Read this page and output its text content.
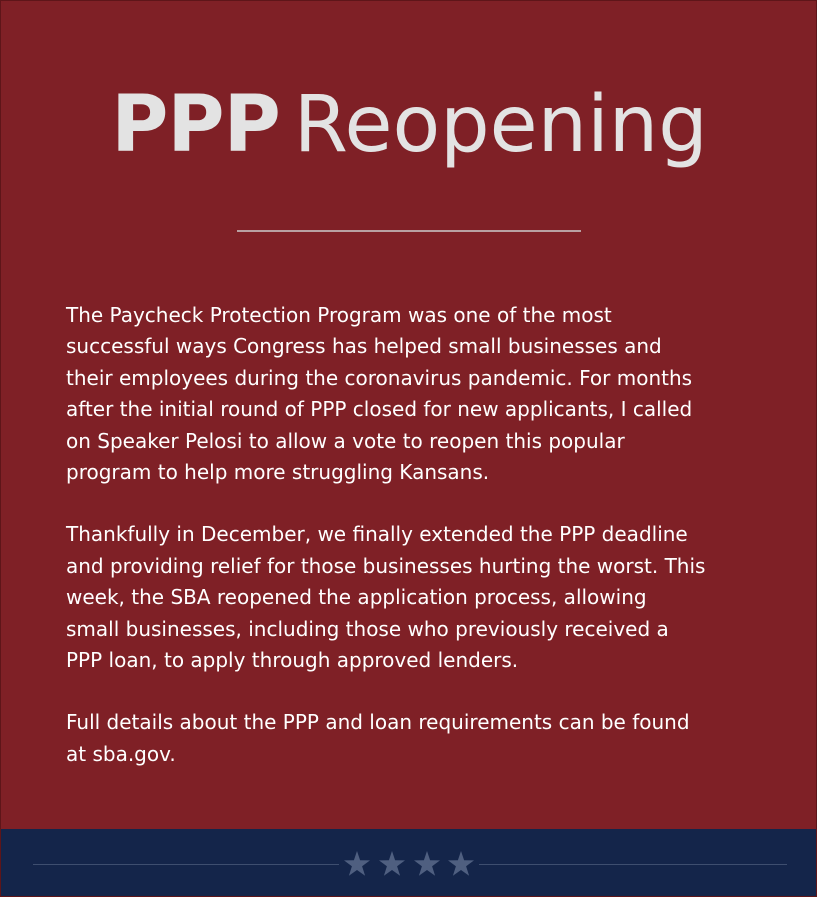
PPP Reopening

The Paycheck Protection Program was one of the most
successful ways Congress has helped small businesses and
their employees during the coronavirus pandemic. For months
after the initial round of PPP closed for new applicants, I called
on Speaker Pelosi to allow a vote to reopen this popular
program to help more struggling Kansans.

Thankfully in December, we finally extended the PPP deadline
and providing relief for those businesses hurting the worst. This
week, the SBA reopened the application process, allowing
small businesses, including those who previously received a
PPP loan, to apply through approved lenders.

Full details about the PPP and loan requirements can be found
at sba.gov.
